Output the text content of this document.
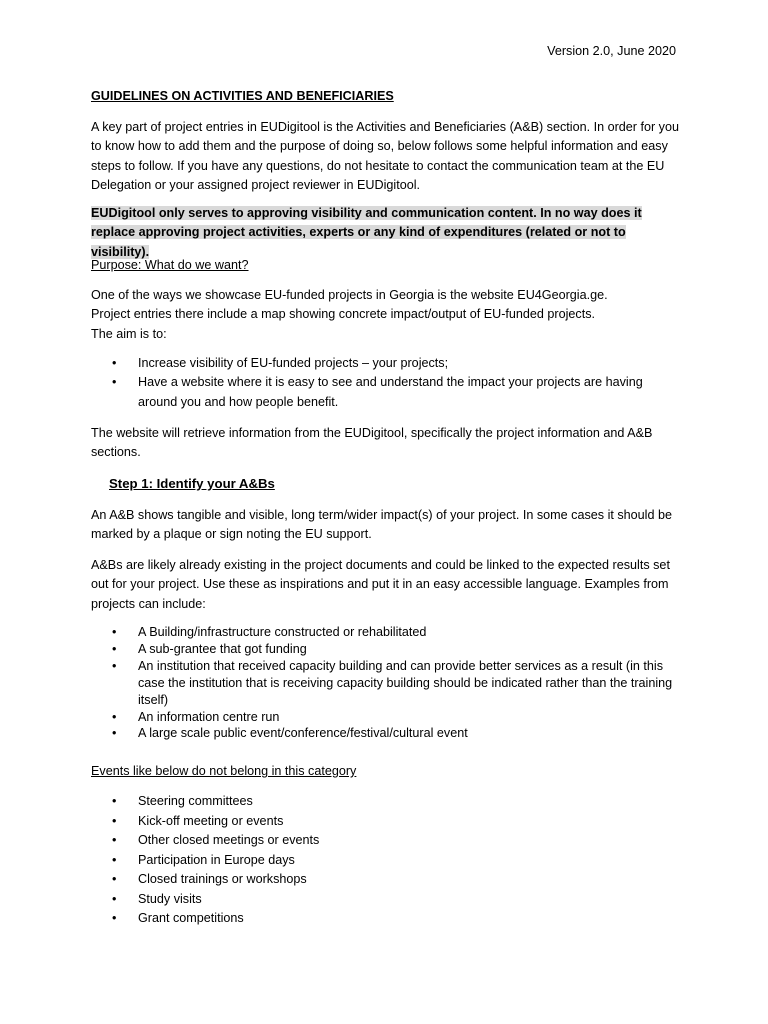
Version 2.0, June 2020
GUIDELINES ON ACTIVITIES AND BENEFICIARIES

A key part of project entries in EUDigitool is the Activities and Beneficiaries (A&B) section. In order for you to know how to add them and the purpose of doing so, below follows some helpful information and easy steps to follow. If you have any questions, do not hesitate to contact the communication team at the EU Delegation or your assigned project reviewer in EUDigitool.

EUDigitool only serves to approving visibility and communication content. In no way does it replace approving project activities, experts or any kind of expenditures (related or not to visibility).

Purpose: What do we want?
One of the ways we showcase EU-funded projects in Georgia is the website EU4Georgia.ge.
Project entries there include a map showing concrete impact/output of EU-funded projects.
The aim is to:
• Increase visibility of EU-funded projects – your projects;
• Have a website where it is easy to see and understand the impact your projects are having around you and how people benefit.

The website will retrieve information from the EUDigitool, specifically the project information and A&B sections.

Step 1: Identify your A&Bs

An A&B shows tangible and visible, long term/wider impact(s) of your project. In some cases it should be marked by a plaque or sign noting the EU support.

A&Bs are likely already existing in the project documents and could be linked to the expected results set out for your project. Use these as inspirations and put it in an easy accessible language. Examples from projects can include:

• A Building/infrastructure constructed or rehabilitated
• A sub-grantee that got funding
• An institution that received capacity building and can provide better services as a result (in this case the institution that is receiving capacity building should be indicated rather than the training itself)
• An information centre run
• A large scale public event/conference/festival/cultural event
Events like below do not belong in this category
• Steering committees
• Kick-off meeting or events
• Other closed meetings or events
• Participation in Europe days
• Closed trainings or workshops
• Study visits
• Grant competitions
